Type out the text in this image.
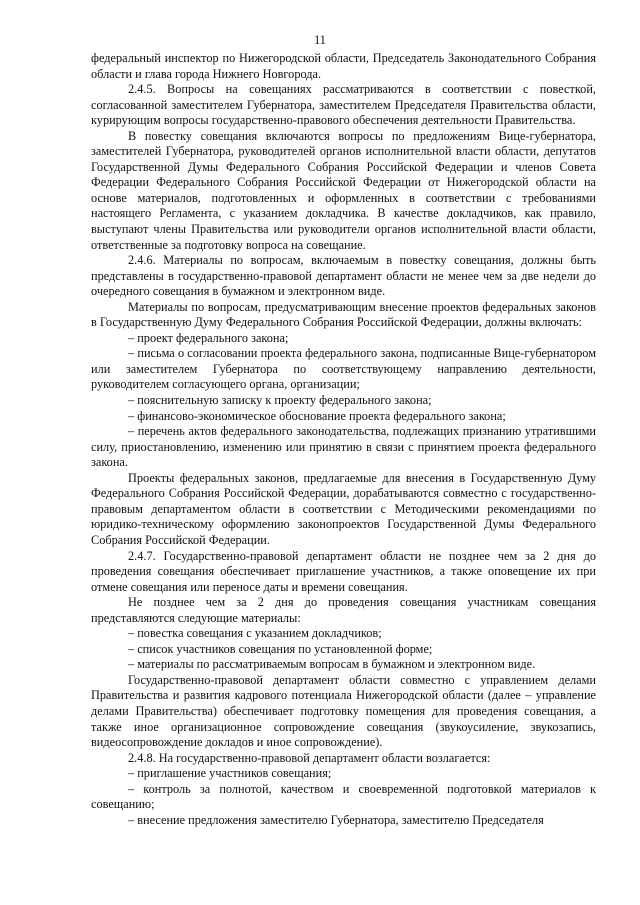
11

федеральный инспектор по Нижегородской области, Председатель Законодательного Собрания области и глава города Нижнего Новгорода.

2.4.5. Вопросы на совещаниях рассматриваются в соответствии с повесткой, согласованной заместителем Губернатора, заместителем Председателя Правительства области, курирующим вопросы государственно-правового обеспечения деятельности Правительства.

В повестку совещания включаются вопросы по предложениям Вице-губернатора, заместителей Губернатора, руководителей органов исполнительной власти области, депутатов Государственной Думы Федерального Собрания Российской Федерации и членов Совета Федерации Федерального Собрания Российской Федерации от Нижегородской области на основе материалов, подготовленных и оформленных в соответствии с требованиями настоящего Регламента, с указанием докладчика. В качестве докладчиков, как правило, выступают члены Правительства или руководители органов исполнительной власти области, ответственные за подготовку вопроса на совещание.

2.4.6. Материалы по вопросам, включаемым в повестку совещания, должны быть представлены в государственно-правовой департамент области не менее чем за две недели до очередного совещания в бумажном и электронном виде.

Материалы по вопросам, предусматривающим внесение проектов федеральных законов в Государственную Думу Федерального Собрания Российской Федерации, должны включать:

– проект федерального закона;

– письма о согласовании проекта федерального закона, подписанные Вице-губернатором или заместителем Губернатора по соответствующему направлению деятельности, руководителем согласующего органа, организации;

– пояснительную записку к проекту федерального закона;

– финансово-экономическое обоснование проекта федерального закона;

– перечень актов федерального законодательства, подлежащих признанию утратившими силу, приостановлению, изменению или принятию в связи с принятием проекта федерального закона.

Проекты федеральных законов, предлагаемые для внесения в Государственную Думу Федерального Собрания Российской Федерации, дорабатываются совместно с государственно-правовым департаментом области в соответствии с Методическими рекомендациями по юридико-техническому оформлению законопроектов Государственной Думы Федерального Собрания Российской Федерации.

2.4.7. Государственно-правовой департамент области не позднее чем за 2 дня до проведения совещания обеспечивает приглашение участников, а также оповещение их при отмене совещания или переносе даты и времени совещания.

Не позднее чем за 2 дня до проведения совещания участникам совещания представляются следующие материалы:

– повестка совещания с указанием докладчиков;

– список участников совещания по установленной форме;

– материалы по рассматриваемым вопросам в бумажном и электронном виде.

Государственно-правовой департамент области совместно с управлением делами Правительства и развития кадрового потенциала Нижегородской области (далее – управление делами Правительства) обеспечивает подготовку помещения для проведения совещания, а также иное организационное сопровождение совещания (звукоусиление, звукозапись, видеосопровождение докладов и иное сопровождение).

2.4.8. На государственно-правовой департамент области возлагается:

– приглашение участников совещания;

– контроль за полнотой, качеством и своевременной подготовкой материалов к совещанию;

– внесение предложения заместителю Губернатора, заместителю Председателя
